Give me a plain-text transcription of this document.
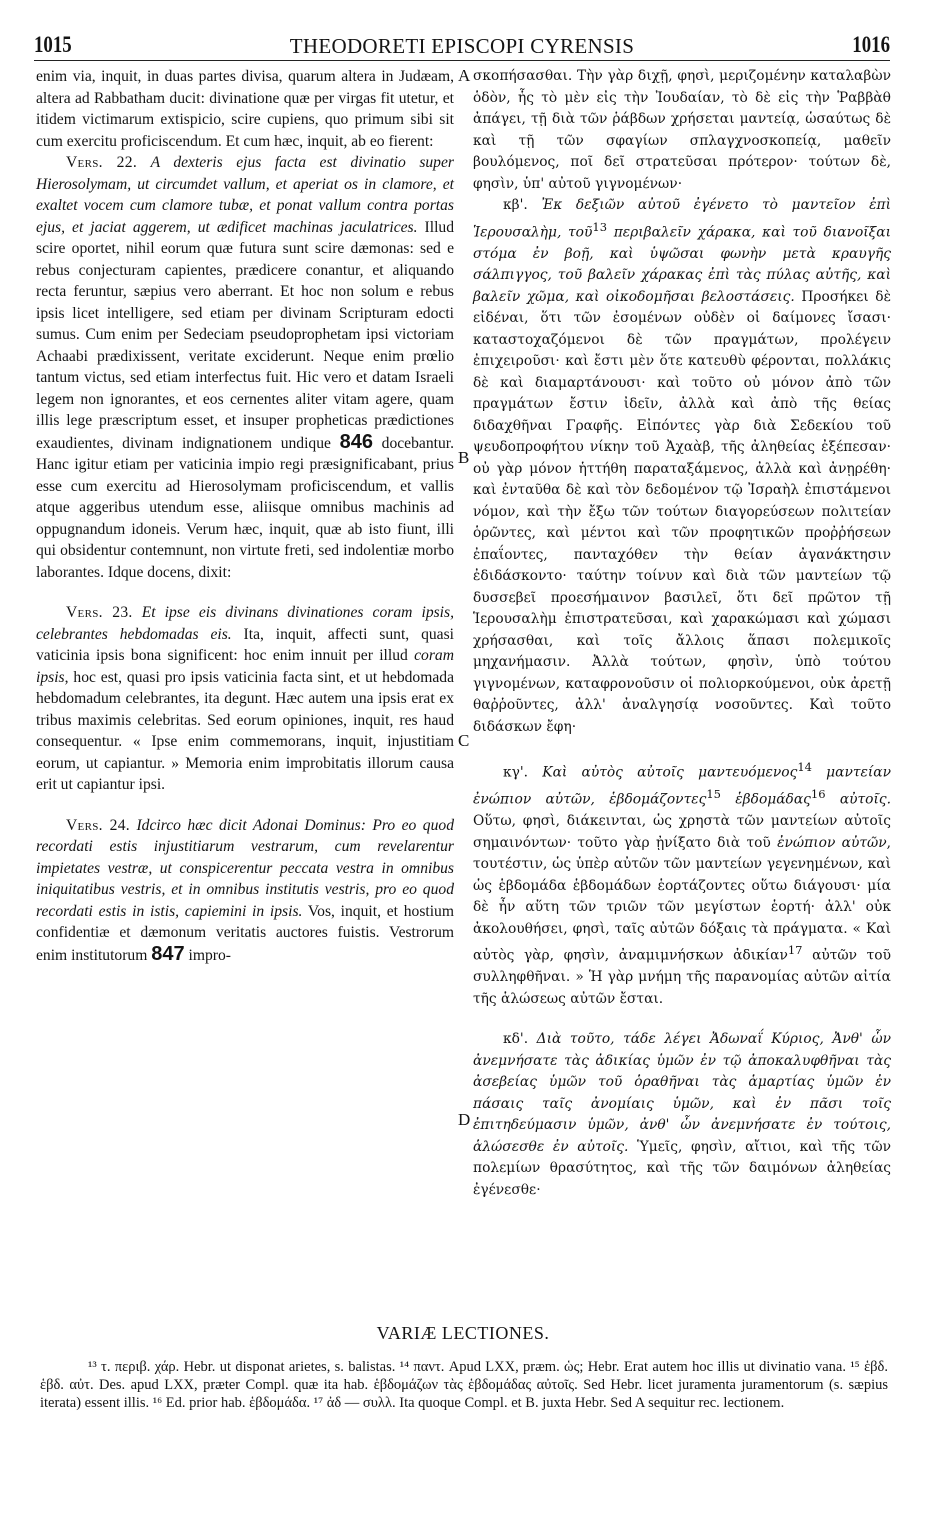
1015	THEODORETI EPISCOPI CYRENSIS	1016
A
B
C
D

enim via, inquit, in duas partes divisa, quarum altera in Judæam, altera ad Rabbatham ducit: divinatione quæ per virgas fit utetur, et itidem victimarum extispicio, scire cupiens, quo primum sibi sit cum exercitu proficiscendum. Et cum hæc, inquit, ab eo fierent:

Vers. 22. A dexteris ejus facta est divinatio super Hierosolymam, ut circumdet vallum, et aperiat os in clamore, et exaltet vocem cum clamore tubæ, et ponat vallum contra portas ejus, et jaciat aggerem, ut ædificet machinas jaculatrices. Illud scire oportet, nihil eorum quæ futura sunt scire dæmonas: sed e rebus conjecturam capientes, prædicere conantur, et aliquando recta feruntur, sæpius vero aberrant. Et hoc non solum e rebus ipsis licet intelligere, sed etiam per divinam Scripturam edocti sumus. Cum enim per Sedeciam pseudoprophetam ipsi victoriam Achaabi prædixissent, veritate exciderunt. Neque enim prœlio tantum victus, sed etiam interfectus fuit. Hic vero et datam Israeli legem non ignorantes, et eos cernentes aliter vitam agere, quam illis lege præscriptum esset, et insuper propheticas prædictiones exaudientes, divinam indignationem undique 846 docebantur. Hanc igitur etiam per vaticinia impio regi præsignificabant, prius esse cum exercitu ad Hierosolymam proficiscendum, et vallis atque aggeribus utendum esse, aliisque omnibus machinis ad oppugnandum idoneis. Verum hæc, inquit, quæ ab isto fiunt, illi qui obsidentur contemnunt, non virtute freti, sed indolentiæ morbo laborantes. Idque docens, dixit:

Vers. 23. Et ipse eis divinans divinationes coram ipsis, celebrantes hebdomadas eis. Ita, inquit, affecti sunt, quasi vaticinia ipsis bona significent: hoc enim innuit per illud coram ipsis, hoc est, quasi pro ipsis vaticinia facta sint, et ut hebdomada hebdomadum celebrantes, ita degunt. Hæc autem una ipsis erat ex tribus maximis celebritas. Sed eorum opiniones, inquit, res haud consequentur. « Ipse enim commemorans, inquit, injustitiam eorum, ut capiantur. » Memoria enim improbitatis illorum causa erit ut capiantur ipsi.

Vers. 24. Idcirco hæc dicit Adonai Dominus: Pro eo quod recordati estis injustitiarum vestrarum, cum revelarentur impietates vestræ, ut conspicerentur peccata vestra in omnibus iniquitatibus vestris, et in omnibus institutis vestris, pro eo quod recordati estis in istis, capiemini in ipsis. Vos, inquit, et hostium confidentiæ et dæmonum veritatis auctores fuistis. Vestrorum enim institutorum 847 impro-

σκοπήσασθαι. Τὴν γὰρ διχῇ, φησὶ, μεριζομένην καταλαβὼν ὁδὸν, ἧς τὸ μὲν εἰς τὴν Ἰουδαίαν, τὸ δὲ εἰς τὴν Ῥαββὰθ ἀπάγει, τῇ διὰ τῶν ῥάβδων χρήσεται μαντείᾳ, ὡσαύτως δὲ καὶ τῇ τῶν σφαγίων σπλαγχνοσκοπείᾳ, μαθεῖν βουλόμενος, ποῖ δεῖ στρατεῦσαι πρότερον· τούτων δὲ, φησὶν, ὑπ' αὐτοῦ γιγνομένων·

κβ'. Ἐκ δεξιῶν αὐτοῦ ἐγένετο τὸ μαντεῖον ἐπὶ Ἱερουσαλὴμ, τοῦ$^{13}$ περιβαλεῖν χάρακα, καὶ τοῦ διανοῖξαι στόμα ἐν βοῇ, καὶ ὑψῶσαι φωνὴν μετὰ κραυγῆς σάλπιγγος, τοῦ βαλεῖν χάρακας ἐπὶ τὰς πύλας αὐτῆς, καὶ βαλεῖν χῶμα, καὶ οἰκοδομῆσαι βελοστάσεις. Προσήκει δὲ εἰδέναι, ὅτι τῶν ἐσομένων οὐδὲν οἱ δαίμονες ἴσασι· καταστοχαζόμενοι δὲ τῶν πραγμάτων, προλέγειν ἐπιχειροῦσι· καὶ ἔστι μὲν ὅτε κατευθὺ φέρονται, πολλάκις δὲ καὶ διαμαρτάνουσι· καὶ τοῦτο οὐ μόνον ἀπὸ τῶν πραγμάτων ἔστιν ἰδεῖν, ἀλλὰ καὶ ἀπὸ τῆς θείας διδαχθῆναι Γραφῆς. Εἰπόντες γὰρ διὰ Σεδεκίου τοῦ ψευδοπροφήτου νίκην τοῦ Ἀχαὰβ, τῆς ἀληθείας ἐξέπεσαν· οὐ γὰρ μόνον ἡττήθη παραταξάμενος, ἀλλὰ καὶ ἀνῃρέθη· καὶ ἐνταῦθα δὲ καὶ τὸν δεδομένον τῷ Ἰσραὴλ ἐπιστάμενοι νόμον, καὶ τὴν ἔξω τῶν τούτων διαγορεύσεων πολιτείαν ὁρῶντες, καὶ μέντοι καὶ τῶν προφητικῶν προῤῥήσεων ἐπαΐοντες, πανταχόθεν τὴν θείαν ἀγανάκτησιν ἐδιδάσκοντο· ταύτην τοίνυν καὶ διὰ τῶν μαντείων τῷ δυσσεβεῖ προεσήμαινον βασιλεῖ, ὅτι δεῖ πρῶτον τῇ Ἱερουσαλὴμ ἐπιστρατεῦσαι, καὶ χαρακώμασι καὶ χώμασι χρήσασθαι, καὶ τοῖς ἄλλοις ἅπασι πολεμικοῖς μηχανήμασιν. Ἀλλὰ τούτων, φησὶν, ὑπὸ τούτου γιγνομένων, καταφρονοῦσιν οἱ πολιορκούμενοι, οὐκ ἀρετῇ θαῤῥοῦντες, ἀλλ' ἀναλγησίᾳ νοσοῦντες. Καὶ τοῦτο διδάσκων ἔφη·

κγ'. Καὶ αὐτὸς αὐτοῖς μαντευόμενος$^{14}$ μαντείαν ἐνώπιον αὐτῶν, ἑβδομάζοντες$^{15}$ ἑβδομάδας$^{16}$ αὐτοῖς. Οὕτω, φησὶ, διάκεινται, ὡς χρηστὰ τῶν μαντείων αὐτοῖς σημαινόντων· τοῦτο γὰρ ᾐνίξατο διὰ τοῦ ἐνώπιον αὐτῶν, τουτέστιν, ὡς ὑπὲρ αὐτῶν τῶν μαντείων γεγενημένων, καὶ ὡς ἑβδομάδα ἑβδομάδων ἑορτάζοντες οὕτω διάγουσι· μία δὲ ἦν αὕτη τῶν τριῶν τῶν μεγίστων ἑορτή· ἀλλ' οὐκ ἀκολουθήσει, φησὶ, ταῖς αὐτῶν δόξαις τὰ πράγματα. « Καὶ αὐτὸς γὰρ, φησὶν, ἀναμιμνήσκων ἀδικίαν$^{17}$ αὐτῶν τοῦ συλληφθῆναι. » Ἡ γὰρ μνήμη τῆς παρανομίας αὐτῶν αἰτία τῆς ἁλώσεως αὐτῶν ἔσται.

κδ'. Διὰ τοῦτο, τάδε λέγει Ἀδωναΐ Κύριος, Ἀνθ' ὧν ἀνεμνήσατε τὰς ἀδικίας ὑμῶν ἐν τῷ ἀποκαλυφθῆναι τὰς ἀσεβείας ὑμῶν τοῦ ὁραθῆναι τὰς ἁμαρτίας ὑμῶν ἐν πάσαις ταῖς ἀνομίαις ὑμῶν, καὶ ἐν πᾶσι τοῖς ἐπιτηδεύμασιν ὑμῶν, ἀνθ' ὧν ἀνεμνήσατε ἐν τούτοις, ἁλώσεσθε ἐν αὐτοῖς. Ὑμεῖς, φησὶν, αἴτιοι, καὶ τῆς τῶν πολεμίων θρασύτητος, καὶ τῆς τῶν δαιμόνων ἀληθείας ἐγένεσθε·

VARIÆ LECTIONES.

¹³ τ. περιβ. χάρ. Hebr. ut disponat arietes, s. balistas. ¹⁴ παντ. Apud LXX, præm. ὡς; Hebr. Erat autem hoc illis ut divinatio vana. ¹⁵ ἑβδ. ἑβδ. αὐτ. Des. apud LXX, præter Compl. quæ ita hab. ἑβδομάζων τὰς ἑβδομάδας αὐτοῖς. Sed Hebr. licet juramenta juramentorum (s. sæpius iterata) essent illis. ¹⁶ Ed. prior hab. ἑβδομάδα. ¹⁷ ἀδ — συλλ. Ita quoque Compl. et B. juxta Hebr. Sed A sequitur rec. lectionem.
